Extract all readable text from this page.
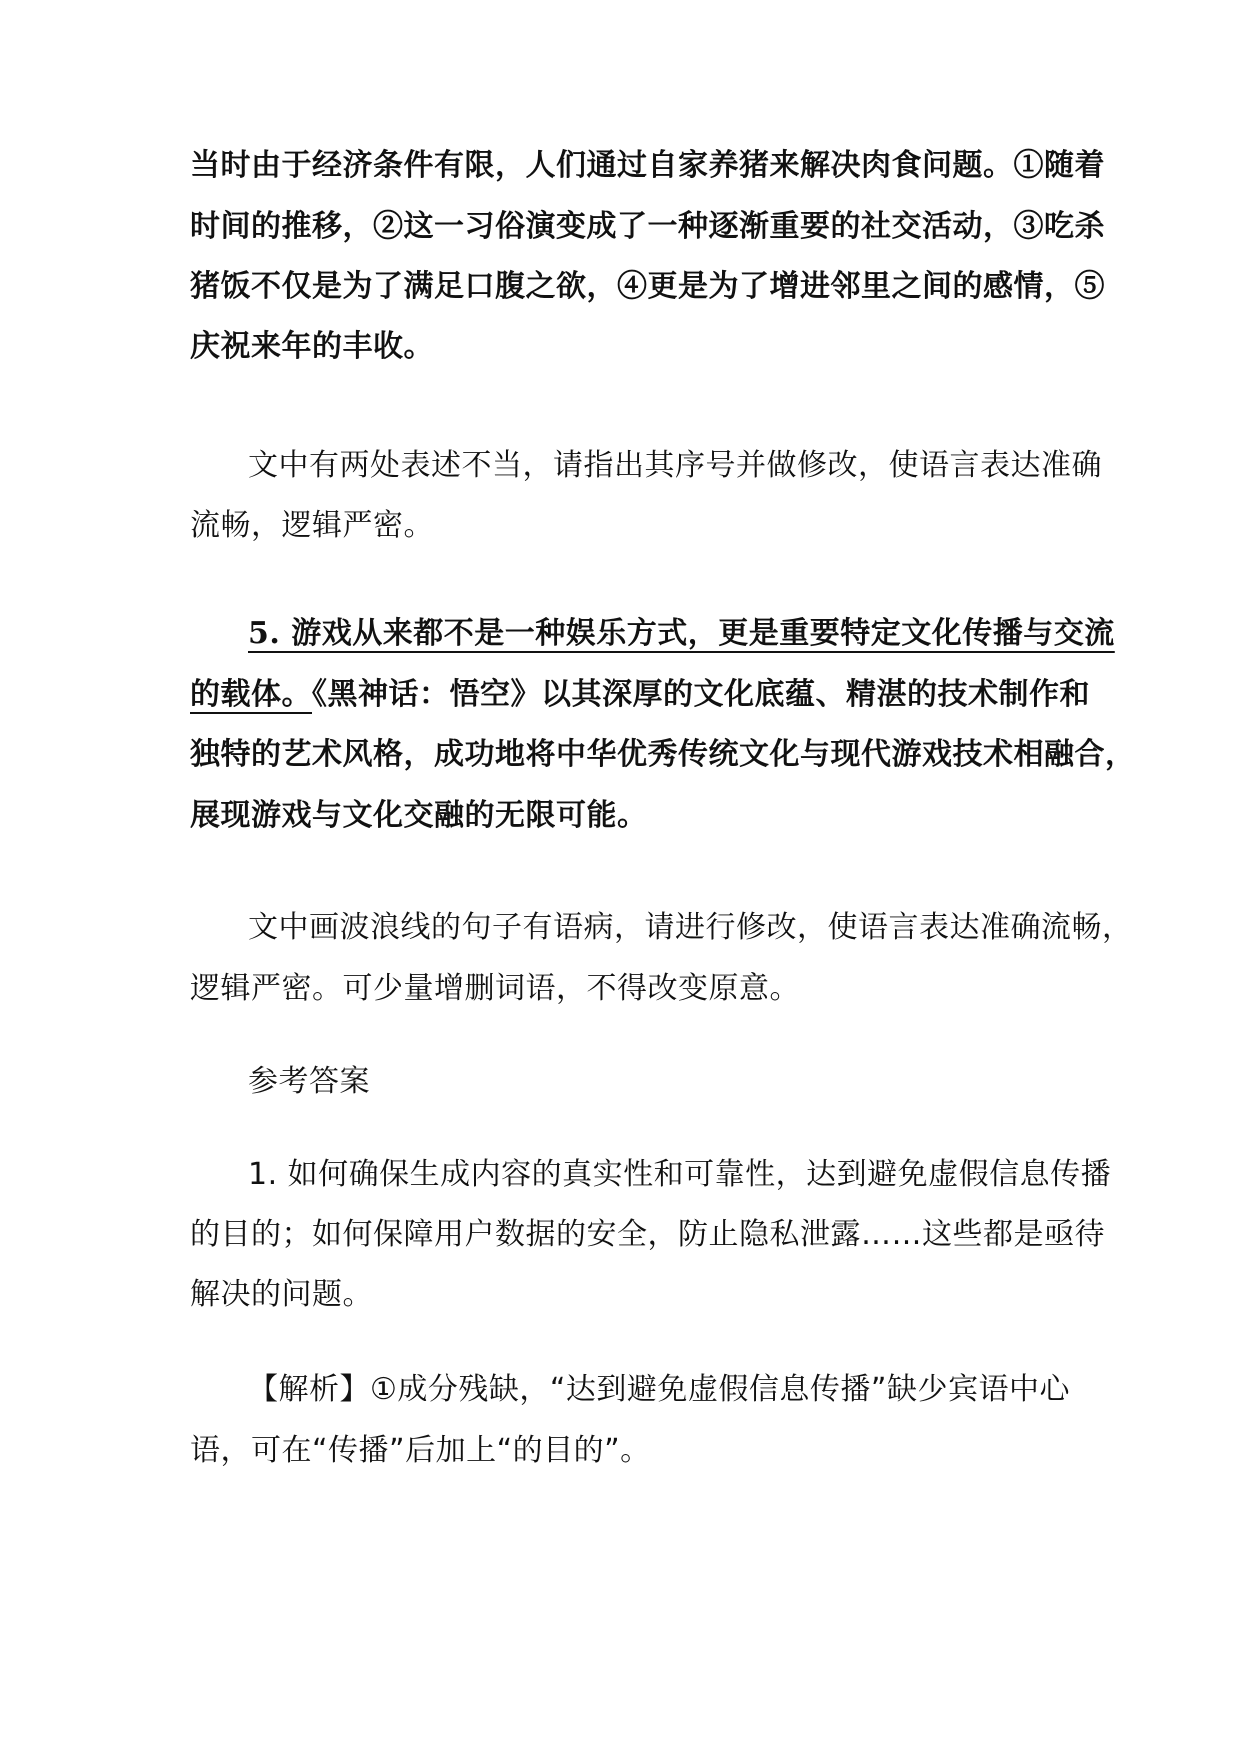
当时由于经济条件有限，人们通过自家养猪来解决肉食问题。①随着
时间的推移，②这一习俗演变成了一种逐渐重要的社交活动，③吃杀
猪饭不仅是为了满足口腹之欲，④更是为了增进邻里之间的感情，⑤
庆祝来年的丰收。
文中有两处表述不当，请指出其序号并做修改，使语言表达准确
流畅，逻辑严密。
5. 游戏从来都不是一种娱乐方式，更是重要特定文化传播与交流
的载体。《黑神话：悟空》以其深厚的文化底蕴、精湛的技术制作和
独特的艺术风格，成功地将中华优秀传统文化与现代游戏技术相融合，
展现游戏与文化交融的无限可能。
文中画波浪线的句子有语病，请进行修改，使语言表达准确流畅，
逻辑严密。可少量增删词语，不得改变原意。
参考答案
1. 如何确保生成内容的真实性和可靠性，达到避免虚假信息传播
的目的；如何保障用户数据的安全，防止隐私泄露……这些都是亟待
解决的问题。
【解析】①成分残缺，“达到避免虚假信息传播”缺少宾语中心
语，可在“传播”后加上“的目的”。
